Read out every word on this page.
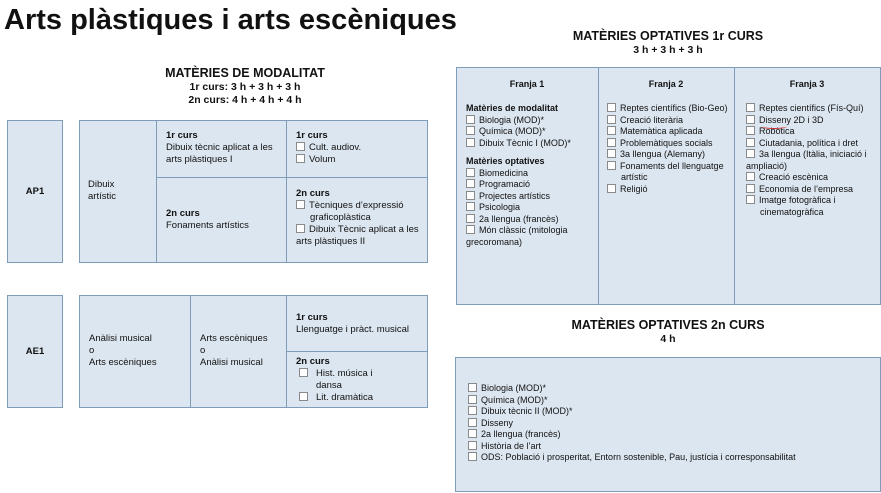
Arts plàstiques i arts escèniques
MATÈRIES DE MODALITAT
1r curs: 3 h + 3 h + 3 h
2n curs: 4 h + 4 h + 4 h
AP1
Dibuix artístic
1r curs
Dibuix tècnic aplicat a les arts plàstiques I
2n curs
Fonaments artístics
1r curs
Cult. audiov.
Volum
2n curs
Tècniques d’expressió graficoplàstica
Dibuix Tècnic aplicat a les arts plàstiques II
AE1
Anàlisi musical
o
Arts escèniques
Arts escèniques
o
Anàlisi musical
1r curs
Llenguatge i pràct. musical
2n curs
Hist. música i dansa
Lit. dramàtica
MATÈRIES OPTATIVES 1r CURS
3 h + 3 h + 3 h
Franja 1
Matèries de modalitat
Biologia (MOD)*
Química (MOD)*
Dibuix Tècnic I (MOD)*
Matèries optatives
Biomedicina
Programació
Projectes artístics
Psicologia
2a llengua (francès)
Món clàssic (mitologia grecoromana)
Franja 2
Reptes científics (Bio-Geo)
Creació literària
Matemàtica aplicada
Problemàtiques socials
3a llengua (Alemany)
Fonaments del llenguatge artístic
Religió
Franja 3
Reptes científics (Fís-Quí)
Disseny 2D i 3D
Robòtica
Ciutadania, política i dret
3a llengua (Itàlia, iniciació i ampliació)
Creació escènica
Economia de l’empresa
Imatge fotogràfica i cinematogràfica
MATÈRIES OPTATIVES 2n CURS
4 h
Biologia (MOD)*
Química (MOD)*
Dibuix tècnic II (MOD)*
Disseny
2a llengua (francès)
Història de l’art
ODS: Població i prosperitat, Entorn sostenible, Pau, justícia i corresponsabilitat
